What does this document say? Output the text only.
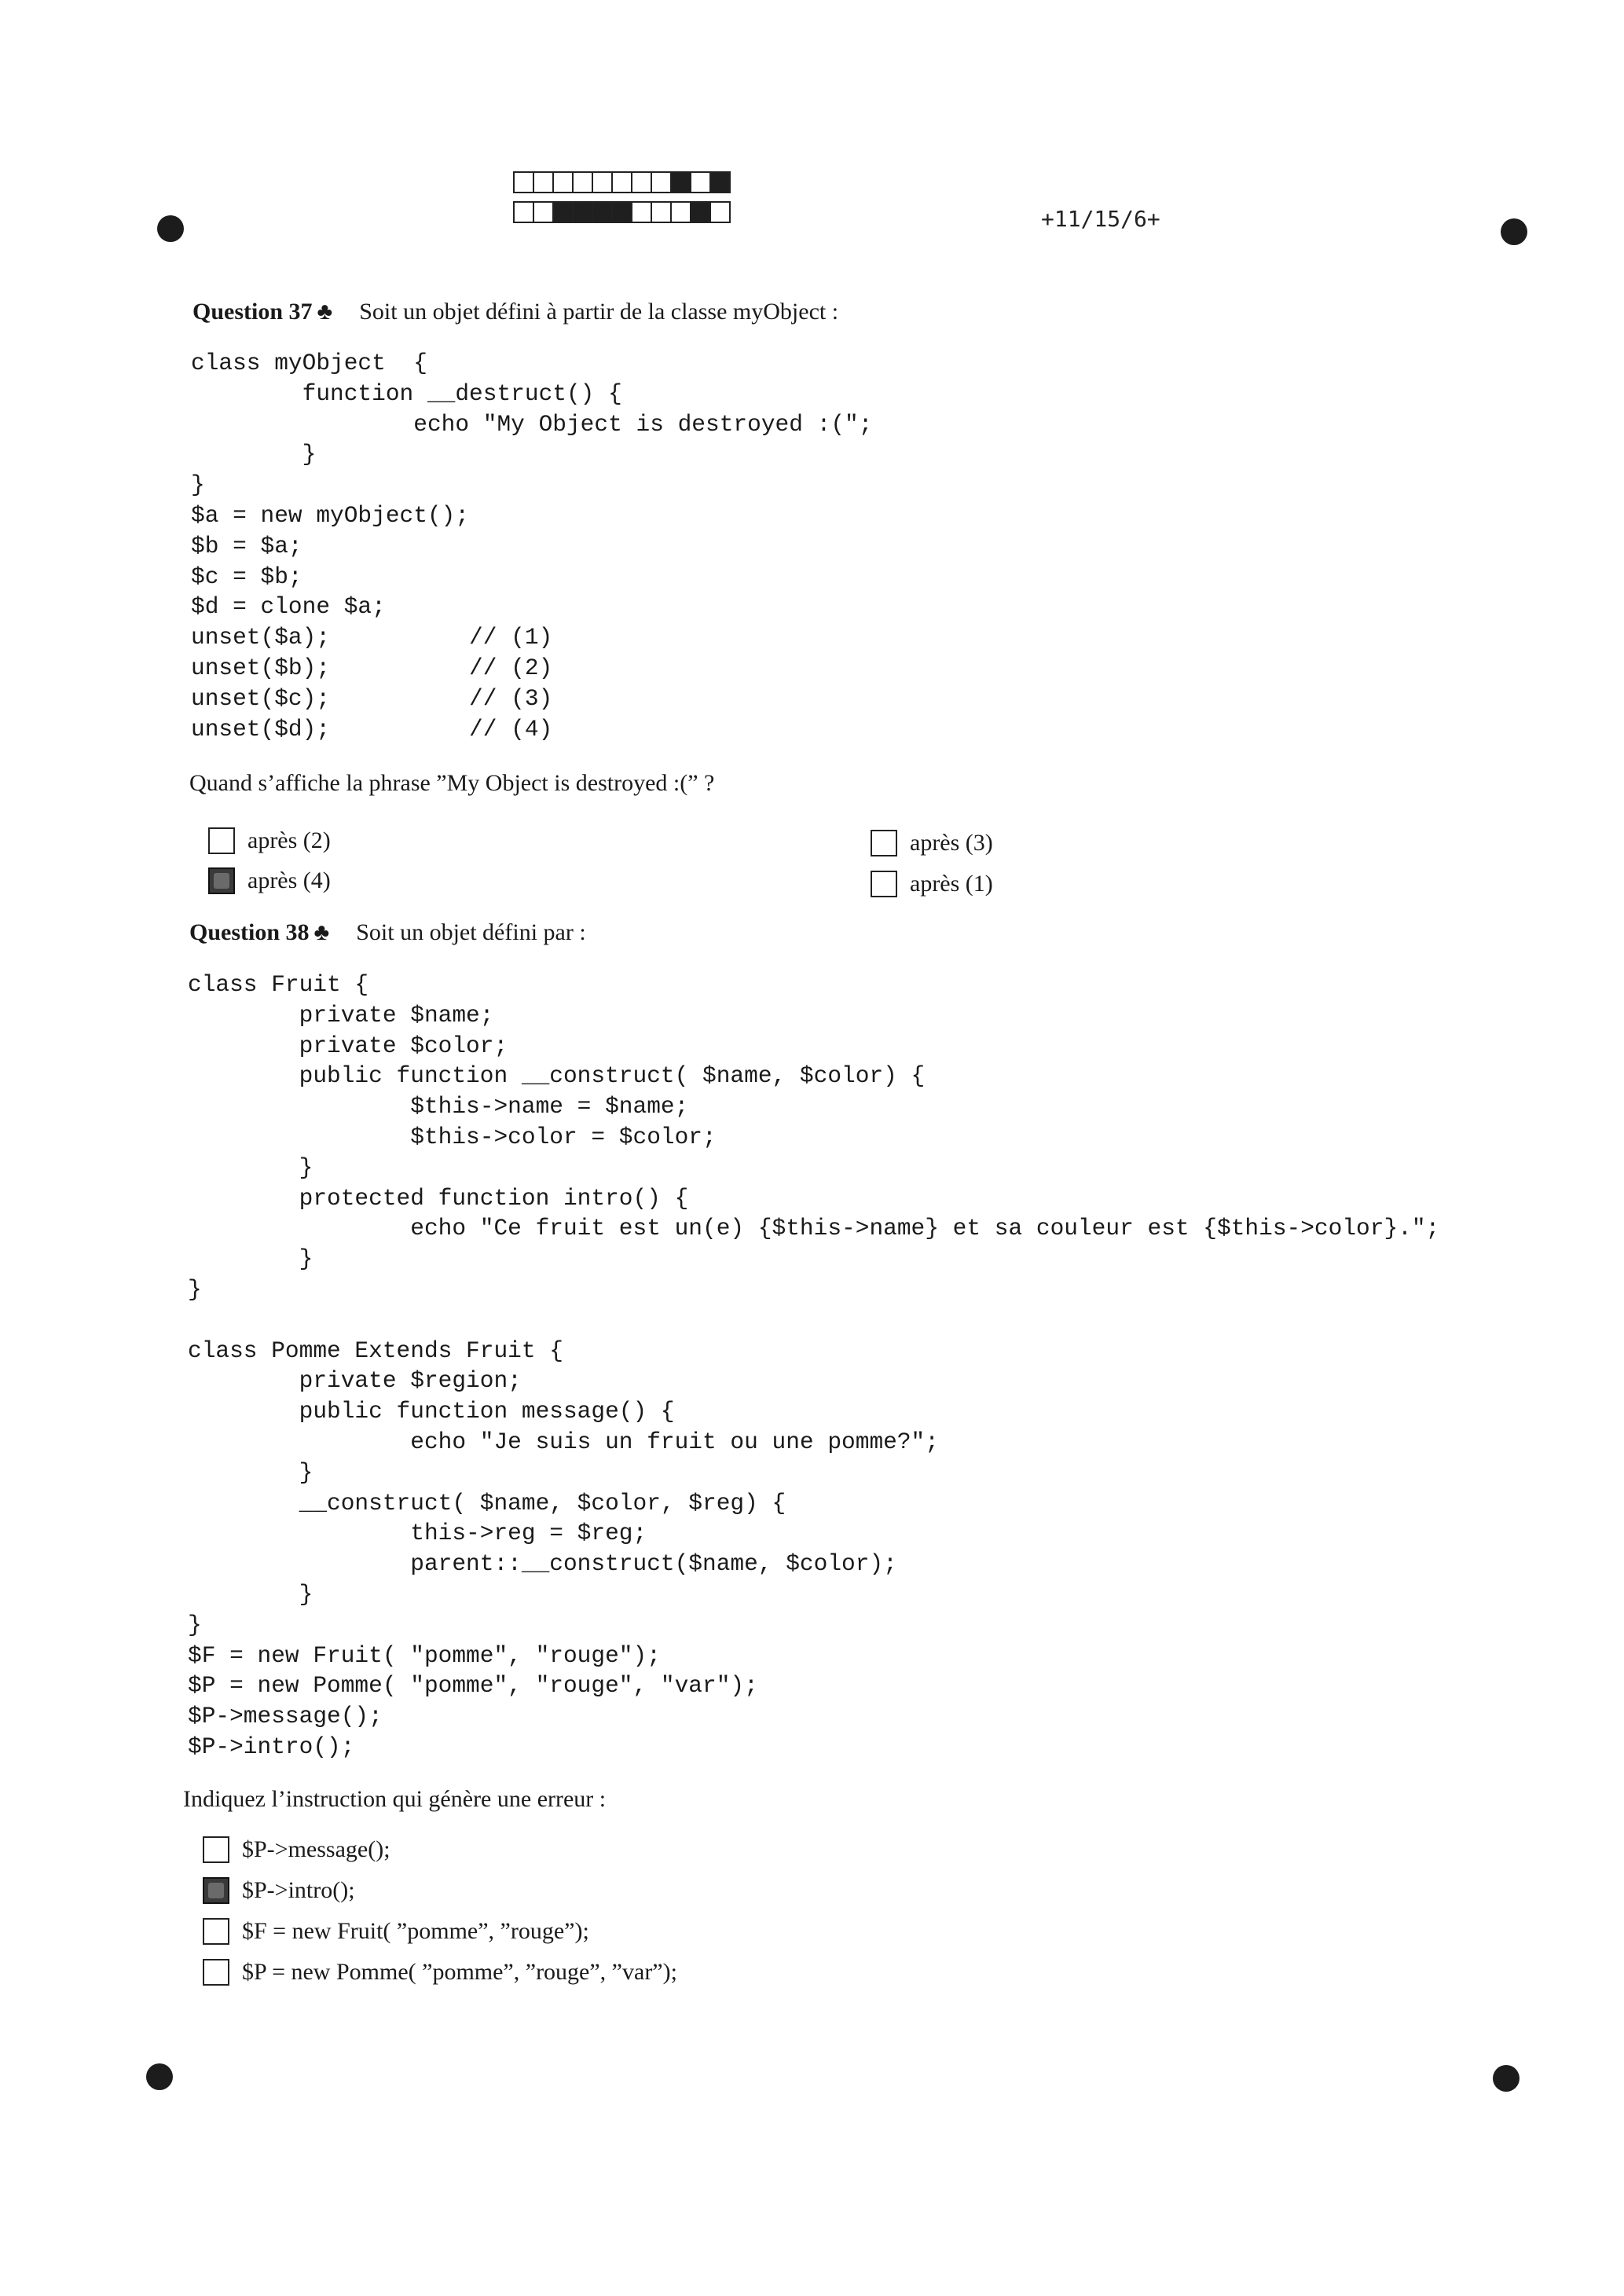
+11/15/6+
Question 37 ♣ Soit un objet défini à partir de la classe myObject :
class myObject  {
function __destruct() {
echo "My Object is destroyed :(";
}
}
$a = new myObject();
$b = $a;
$c = $b;
$d = clone $a;
unset($a);          // (1)
unset($b);          // (2)
unset($c);          // (3)
unset($d);          // (4)
Quand s’affiche la phrase ”My Object is destroyed :(” ?
après (2)	après (3)
après (4)	après (1)
Question 38 ♣ Soit un objet défini par :
class Fruit {
private $name;
private $color;
public function __construct( $name, $color) {
$this->name = $name;
$this->color = $color;
}
protected function intro() {
echo "Ce fruit est un(e) {$this->name} et sa couleur est {$this->color}.";
}
}

class Pomme Extends Fruit {
private $region;
public function message() {
echo "Je suis un fruit ou une pomme?";
}
__construct( $name, $color, $reg) {
this->reg = $reg;
parent::__construct($name, $color);
}
}
$F = new Fruit( "pomme", "rouge");
$P = new Pomme( "pomme", "rouge", "var");
$P->message();
$P->intro();
Indiquez l’instruction qui génère une erreur :
$P->message();
$P->intro();
$F = new Fruit( ”pomme”, ”rouge”);
$P = new Pomme( ”pomme”, ”rouge”, ”var”);
